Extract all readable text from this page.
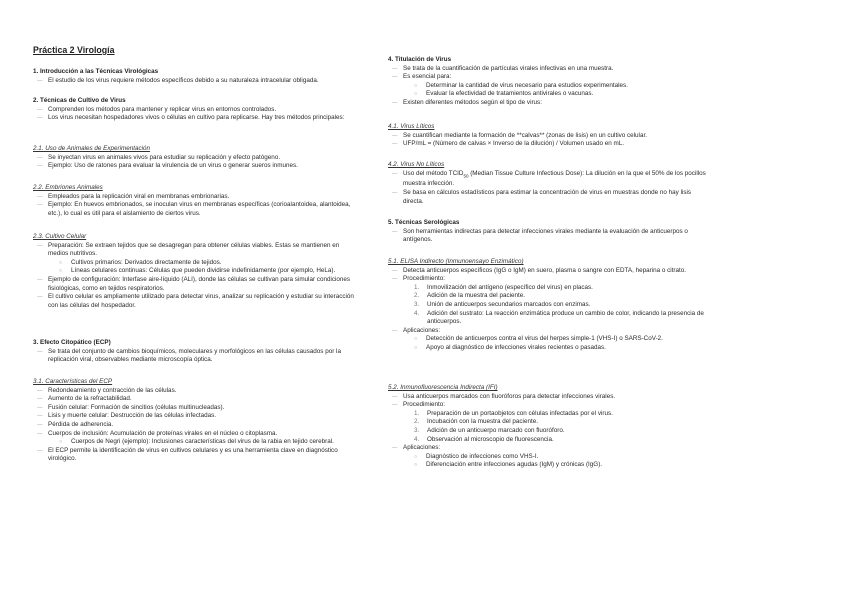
Práctica 2 Virología
1. Introducción a las Técnicas Virológicas
— El estudio de los virus requiere métodos específicos debido a su naturaleza intracelular obligada.
2. Técnicas de Cultivo de Virus
— Comprenden los métodos para mantener y replicar virus en entornos controlados.
— Los virus necesitan hospedadores vivos o células en cultivo para replicarse. Hay tres métodos principales:
2.1. Uso de Animales de Experimentación
— Se inyectan virus en animales vivos para estudiar su replicación y efecto patógeno.
— Ejemplo: Uso de ratones para evaluar la virulencia de un virus o generar sueros inmunes.
2.2. Embriones Animales
— Empleados para la replicación viral en membranas embrionarias.
— Ejemplo: En huevos embrionados, se inoculan virus en membranas específicas (corioalantoidea, alantoidea, etc.), lo cual es útil para el aislamiento de ciertos virus.
2.3. Cultivo Celular
— Preparación: Se extraen tejidos que se desagregan para obtener células viables. Estas se mantienen en medios nutritivos.
○ Cultivos primarios: Derivados directamente de tejidos.
○ Líneas celulares continuas: Células que pueden dividirse indefinidamente (por ejemplo, HeLa).
— Ejemplo de configuración: Interfase aire-líquido (ALI), donde las células se cultivan para simular condiciones fisiológicas, como en tejidos respiratorios.
— El cultivo celular es ampliamente utilizado para detectar virus, analizar su replicación y estudiar su interacción con las células del hospedador.
3. Efecto Citopático (ECP)
— Se trata del conjunto de cambios bioquímicos, moleculares y morfológicos en las células causados por la replicación viral, observables mediante microscopía óptica.
3.1. Características del ECP
— Redondeamiento y contracción de las células.
— Aumento de la refractabilidad.
— Fusión celular: Formación de sincitios (células multinucleadas).
— Lisis y muerte celular: Destrucción de las células infectadas.
— Pérdida de adherencia.
— Cuerpos de inclusión: Acumulación de proteínas virales en el núcleo o citoplasma.
○ Cuerpos de Negri (ejemplo): Inclusiones características del virus de la rabia en tejido cerebral.
— El ECP permite la identificación de virus en cultivos celulares y es una herramienta clave en diagnóstico virológico.
4. Titulación de Virus
— Se trata de la cuantificación de partículas virales infectivas en una muestra.
— Es esencial para:
○ Determinar la cantidad de virus necesario para estudios experimentales.
○ Evaluar la efectividad de tratamientos antivirales o vacunas.
— Existen diferentes métodos según el tipo de virus:
4.1. Virus Líticos
— Se cuantifican mediante la formación de **calvas** (zonas de lisis) en un cultivo celular.
— UFP/mL = (Número de calvas × Inverso de la dilución) / Volumen usado en mL.
4.2. Virus No Líticos
— Uso del método $TCID_{50}$ (Median Tissue Culture Infectious Dose): La dilución en la que el 50% de los pocillos muestra infección.
— Se basa en cálculos estadísticos para estimar la concentración de virus en muestras donde no hay lisis directa.
5. Técnicas Serológicas
— Son herramientas indirectas para detectar infecciones virales mediante la evaluación de anticuerpos o antígenos.
5.1. ELISA Indirecto (Inmunoensayo Enzimático)
— Detecta anticuerpos específicos (IgG o IgM) en suero, plasma o sangre con EDTA, heparina o citrato.
— Procedimiento:
1. Inmovilización del antígeno (específico del virus) en placas.
2. Adición de la muestra del paciente.
3. Unión de anticuerpos secundarios marcados con enzimas.
4. Adición del sustrato: La reacción enzimática produce un cambio de color, indicando la presencia de anticuerpos.
— Aplicaciones:
○ Detección de anticuerpos contra el virus del herpes simple-1 (VHS-I) o SARS-CoV-2.
○ Apoyo al diagnóstico de infecciones virales recientes o pasadas.
5.2. Inmunofluorescencia Indirecta (IFI)
— Usa anticuerpos marcados con fluoróforos para detectar infecciones virales.
— Procedimiento:
1. Preparación de un portaobjetos con células infectadas por el virus.
2. Incubación con la muestra del paciente.
3. Adición de un anticuerpo marcado con fluoróforo.
4. Observación al microscopio de fluorescencia.
— Aplicaciones:
○ Diagnóstico de infecciones como VHS-I.
○ Diferenciación entre infecciones agudas (IgM) y crónicas (IgG).
